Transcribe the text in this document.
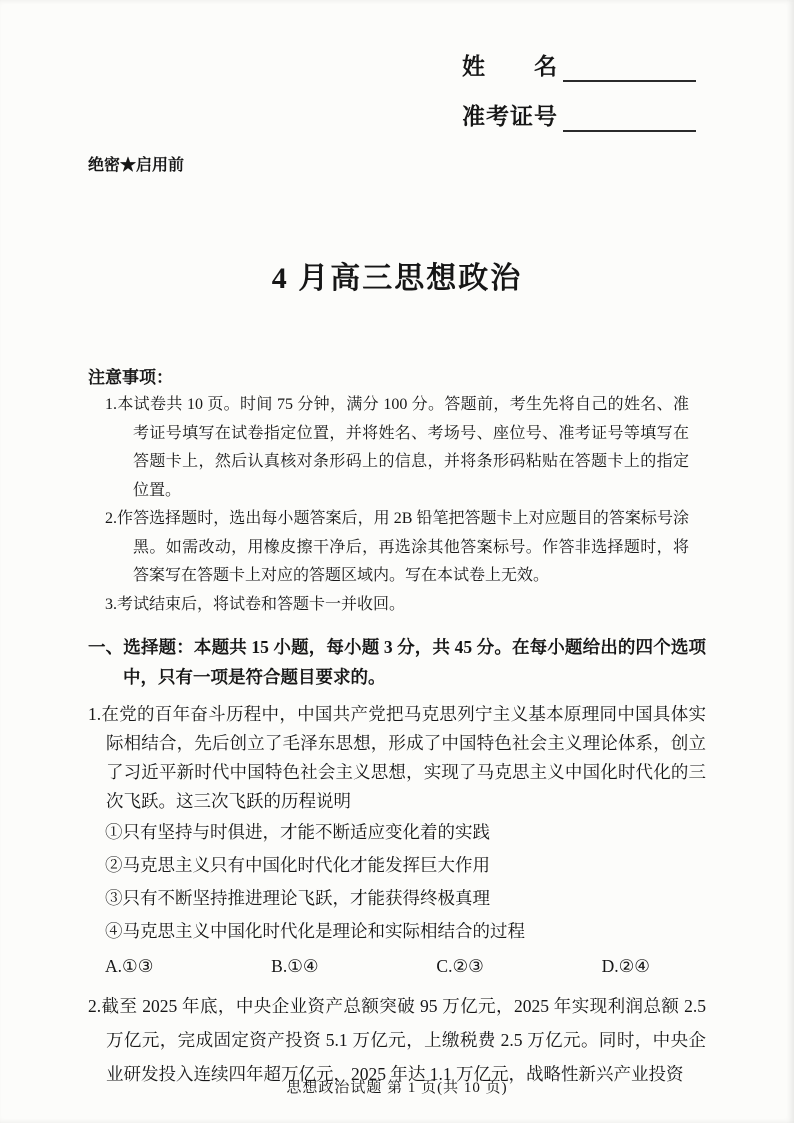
姓　　名
准考证号
绝密★启用前
4 月高三思想政治
注意事项：

1.本试卷共 10 页。时间 75 分钟，满分 100 分。答题前，考生先将自己的姓名、准考证号填写在试卷指定位置，并将姓名、考场号、座位号、准考证号等填写在答题卡上，然后认真核对条形码上的信息，并将条形码粘贴在答题卡上的指定位置。

2.作答选择题时，选出每小题答案后，用 2B 铅笔把答题卡上对应题目的答案标号涂黑。如需改动，用橡皮擦干净后，再选涂其他答案标号。作答非选择题时，将答案写在答题卡上对应的答题区域内。写在本试卷上无效。

3.考试结束后，将试卷和答题卡一并收回。

一、选择题：本题共 15 小题，每小题 3 分，共 45 分。在每小题给出的四个选项中，只有一项是符合题目要求的。

1.在党的百年奋斗历程中，中国共产党把马克思列宁主义基本原理同中国具体实际相结合，先后创立了毛泽东思想，形成了中国特色社会主义理论体系，创立了习近平新时代中国特色社会主义思想，实现了马克思主义中国化时代化的三次飞跃。这三次飞跃的历程说明

①只有坚持与时俱进，才能不断适应变化着的实践
②马克思主义只有中国化时代化才能发挥巨大作用
③只有不断坚持推进理论飞跃，才能获得终极真理
④马克思主义中国化时代化是理论和实际相结合的过程
A.①③	B.①④	C.②③	D.②④

2.截至 2025 年底，中央企业资产总额突破 95 万亿元，2025 年实现利润总额 2.5 万亿元，完成固定资产投资 5.1 万亿元，上缴税费 2.5 万亿元。同时，中央企业研发投入连续四年超万亿元，2025 年达 1.1 万亿元，战略性新兴产业投资

思想政治试题 第 1 页(共 10 页)
